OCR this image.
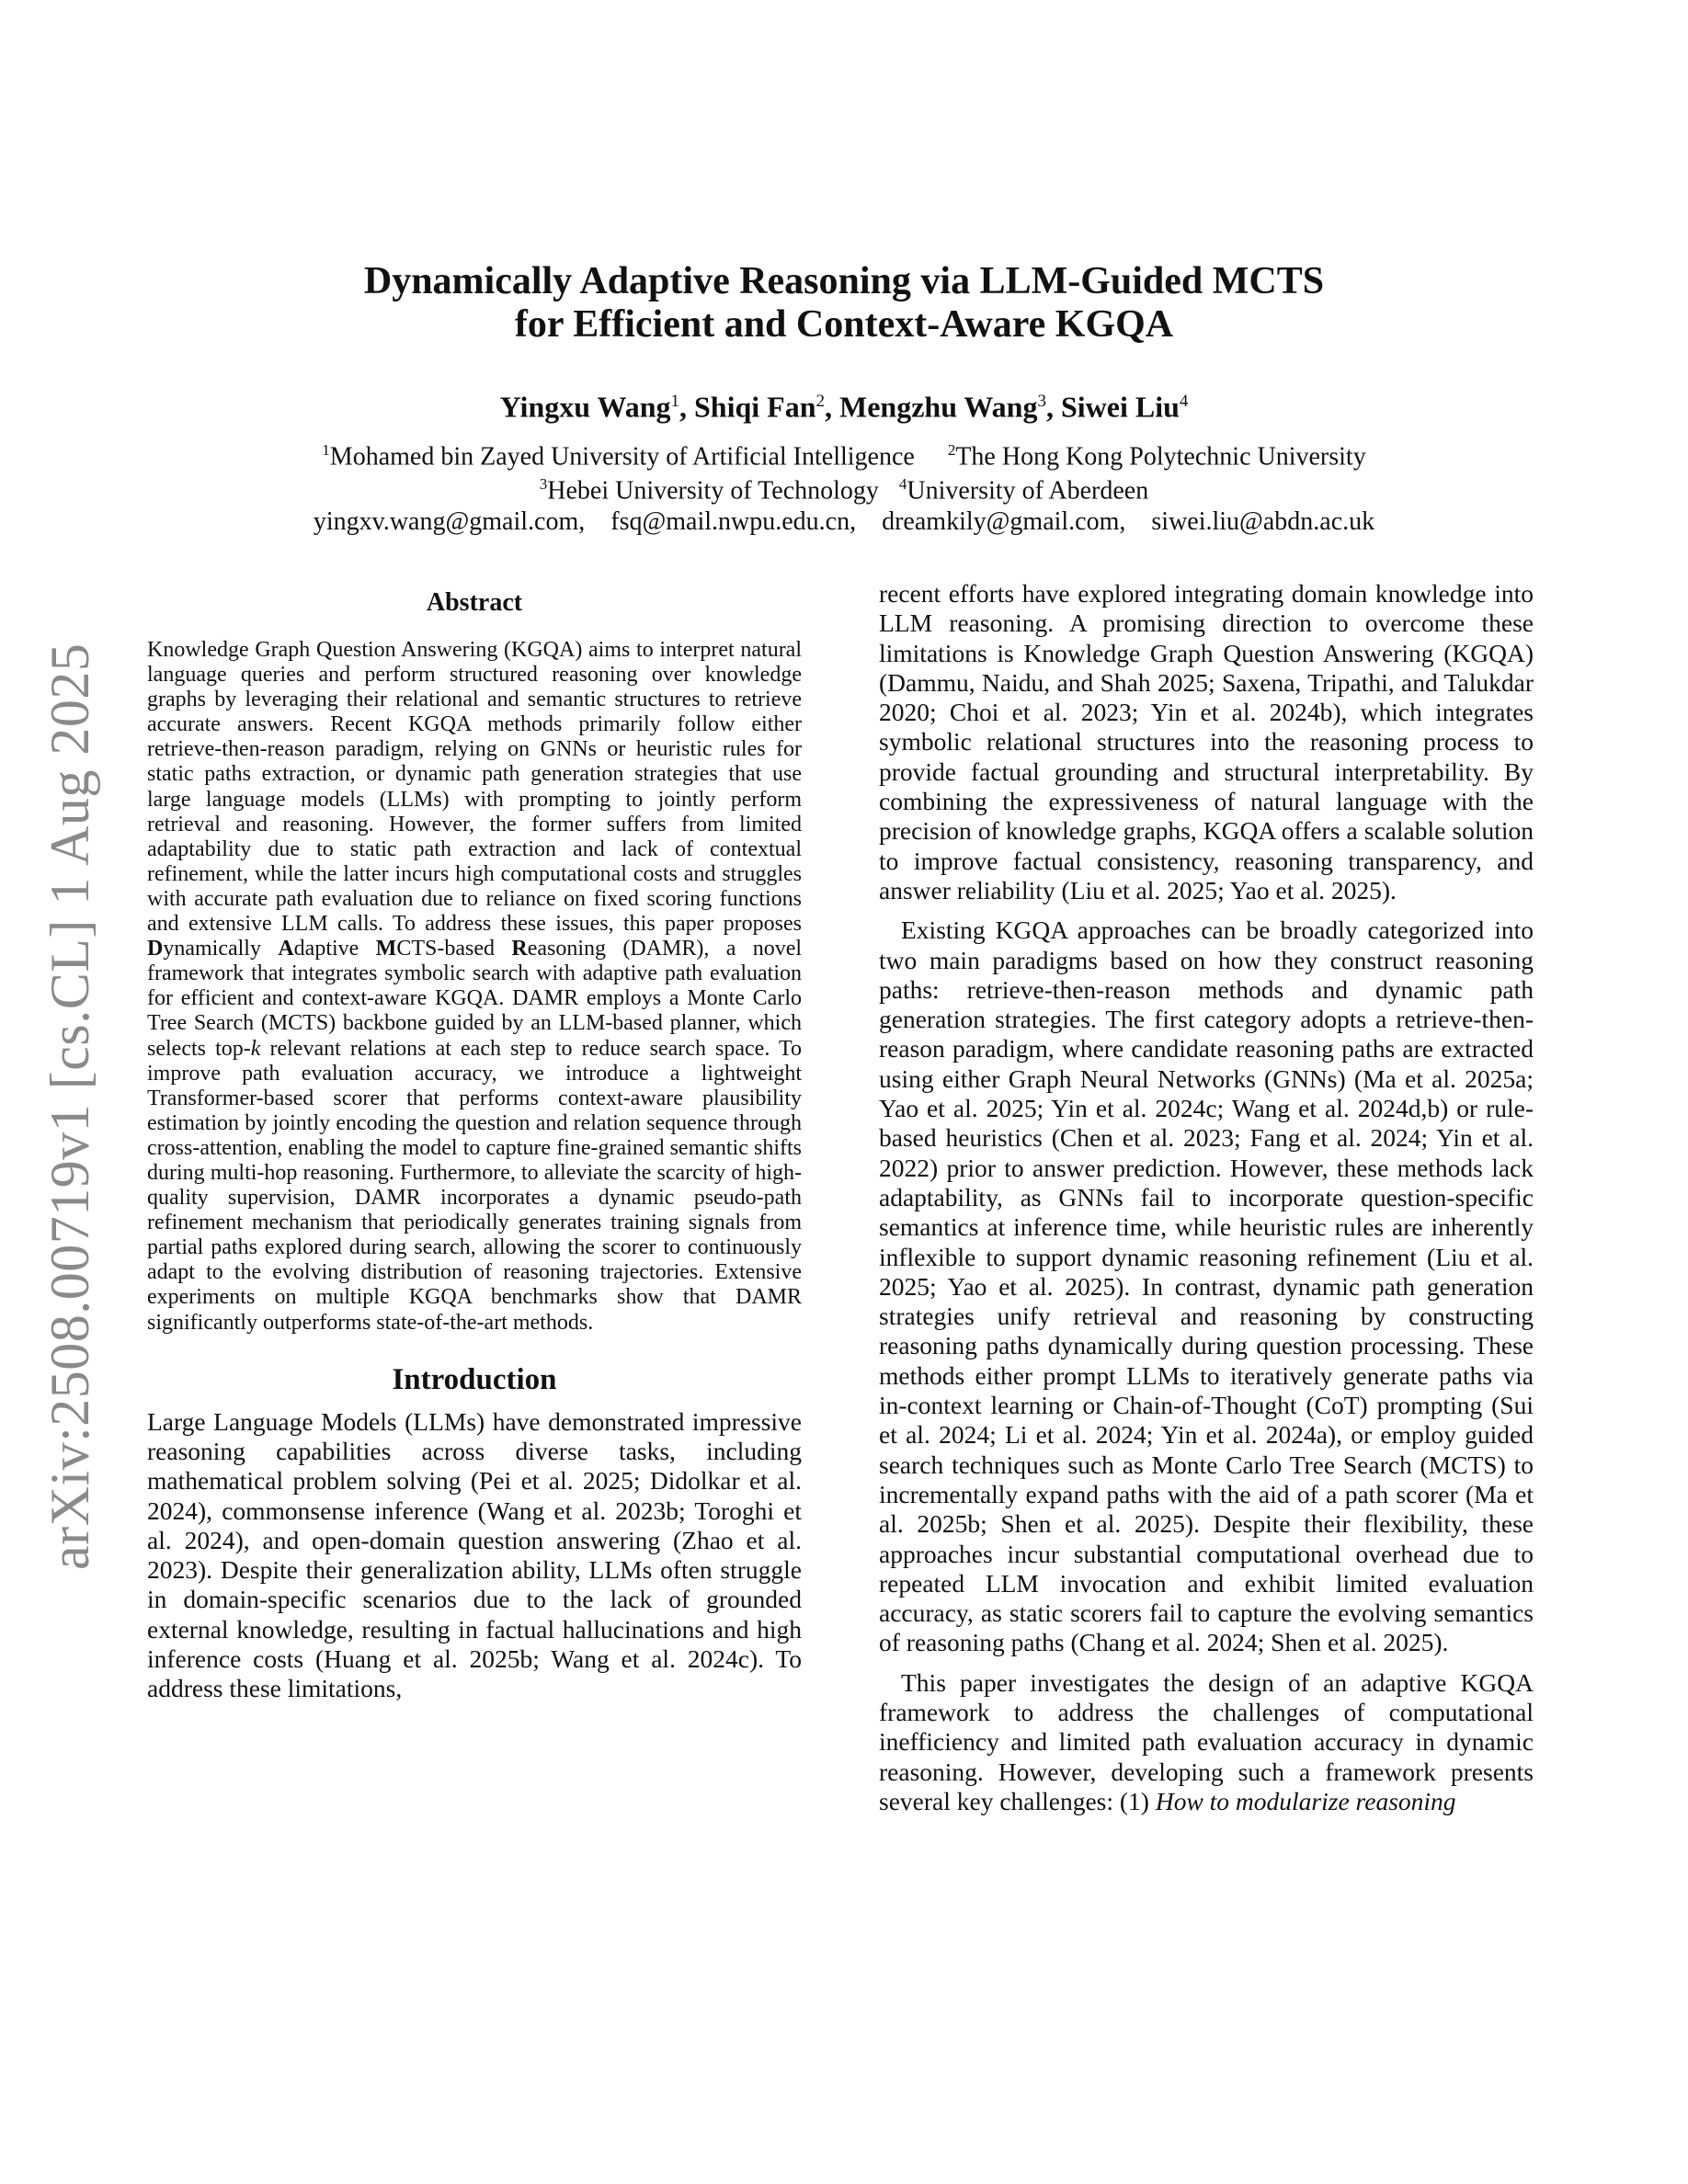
arXiv:2508.00719v1 [cs.CL] 1 Aug 2025
Dynamically Adaptive Reasoning via LLM-Guided MCTS
for Efficient and Context-Aware KGQA
Yingxu Wang$^1$, Shiqi Fan$^2$, Mengzhu Wang$^3$, Siwei Liu$^4$
$^1$Mohamed bin Zayed University of Artificial Intelligence $^2$The Hong Kong Polytechnic University
$^3$Hebei University of Technology $^4$University of Aberdeen
yingxv.wang@gmail.com, fsq@mail.nwpu.edu.cn, dreamkily@gmail.com, siwei.liu@abdn.ac.uk
Abstract

Knowledge Graph Question Answering (KGQA) aims to interpret natural language queries and perform structured reasoning over knowledge graphs by leveraging their relational and semantic structures to retrieve accurate answers. Recent KGQA methods primarily follow either retrieve-then-reason paradigm, relying on GNNs or heuristic rules for static paths extraction, or dynamic path generation strategies that use large language models (LLMs) with prompting to jointly perform retrieval and reasoning. However, the former suffers from limited adaptability due to static path extraction and lack of contextual refinement, while the latter incurs high computational costs and struggles with accurate path evaluation due to reliance on fixed scoring functions and extensive LLM calls. To address these issues, this paper proposes Dynamically Adaptive MCTS-based Reasoning (DAMR), a novel framework that integrates symbolic search with adaptive path evaluation for efficient and context-aware KGQA. DAMR employs a Monte Carlo Tree Search (MCTS) backbone guided by an LLM-based planner, which selects top-k relevant relations at each step to reduce search space. To improve path evaluation accuracy, we introduce a lightweight Transformer-based scorer that performs context-aware plausibility estimation by jointly encoding the question and relation sequence through cross-attention, enabling the model to capture fine-grained semantic shifts during multi-hop reasoning. Furthermore, to alleviate the scarcity of high-quality supervision, DAMR incorporates a dynamic pseudo-path refinement mechanism that periodically generates training signals from partial paths explored during search, allowing the scorer to continuously adapt to the evolving distribution of reasoning trajectories. Extensive experiments on multiple KGQA benchmarks show that DAMR significantly outperforms state-of-the-art methods.

Introduction

Large Language Models (LLMs) have demonstrated impressive reasoning capabilities across diverse tasks, including mathematical problem solving (Pei et al. 2025; Didolkar et al. 2024), commonsense inference (Wang et al. 2023b; Toroghi et al. 2024), and open-domain question answering (Zhao et al. 2023). Despite their generalization ability, LLMs often struggle in domain-specific scenarios due to the lack of grounded external knowledge, resulting in factual hallucinations and high inference costs (Huang et al. 2025b; Wang et al. 2024c). To address these limitations,

recent efforts have explored integrating domain knowledge into LLM reasoning. A promising direction to overcome these limitations is Knowledge Graph Question Answering (KGQA) (Dammu, Naidu, and Shah 2025; Saxena, Tripathi, and Talukdar 2020; Choi et al. 2023; Yin et al. 2024b), which integrates symbolic relational structures into the reasoning process to provide factual grounding and structural interpretability. By combining the expressiveness of natural language with the precision of knowledge graphs, KGQA offers a scalable solution to improve factual consistency, reasoning transparency, and answer reliability (Liu et al. 2025; Yao et al. 2025).

Existing KGQA approaches can be broadly categorized into two main paradigms based on how they construct reasoning paths: retrieve-then-reason methods and dynamic path generation strategies. The first category adopts a retrieve-then-reason paradigm, where candidate reasoning paths are extracted using either Graph Neural Networks (GNNs) (Ma et al. 2025a; Yao et al. 2025; Yin et al. 2024c; Wang et al. 2024d,b) or rule-based heuristics (Chen et al. 2023; Fang et al. 2024; Yin et al. 2022) prior to answer prediction. However, these methods lack adaptability, as GNNs fail to incorporate question-specific semantics at inference time, while heuristic rules are inherently inflexible to support dynamic reasoning refinement (Liu et al. 2025; Yao et al. 2025). In contrast, dynamic path generation strategies unify retrieval and reasoning by constructing reasoning paths dynamically during question processing. These methods either prompt LLMs to iteratively generate paths via in-context learning or Chain-of-Thought (CoT) prompting (Sui et al. 2024; Li et al. 2024; Yin et al. 2024a), or employ guided search techniques such as Monte Carlo Tree Search (MCTS) to incrementally expand paths with the aid of a path scorer (Ma et al. 2025b; Shen et al. 2025). Despite their flexibility, these approaches incur substantial computational overhead due to repeated LLM invocation and exhibit limited evaluation accuracy, as static scorers fail to capture the evolving semantics of reasoning paths (Chang et al. 2024; Shen et al. 2025).

This paper investigates the design of an adaptive KGQA framework to address the challenges of computational inefficiency and limited path evaluation accuracy in dynamic reasoning. However, developing such a framework presents several key challenges: (1) How to modularize reasoning
